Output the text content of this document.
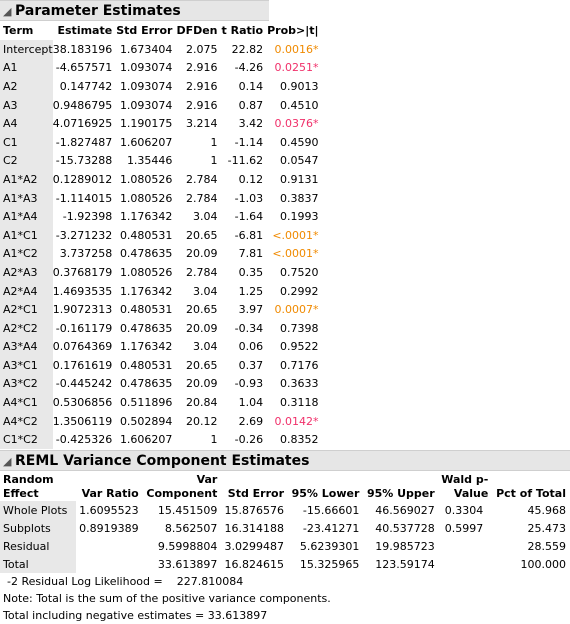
◢ Parameter Estimates
Term	Estimate	Std Error	DFDen	t Ratio	Prob>|t|
Intercept	38.183196	1.673404	2.075	22.82	0.0016*
A1	-4.657571	1.093074	2.916	-4.26	0.0251*
A2	0.147742	1.093074	2.916	0.14	0.9013
A3	0.9486795	1.093074	2.916	0.87	0.4510
A4	4.0716925	1.190175	3.214	3.42	0.0376*
C1	-1.827487	1.606207	1	-1.14	0.4590
C2	-15.73288	1.35446	1	-11.62	0.0547
A1*A2	0.1289012	1.080526	2.784	0.12	0.9131
A1*A3	-1.114015	1.080526	2.784	-1.03	0.3837
A1*A4	-1.92398	1.176342	3.04	-1.64	0.1993
A1*C1	-3.271232	0.480531	20.65	-6.81	<.0001*
A1*C2	3.737258	0.478635	20.09	7.81	<.0001*
A2*A3	0.3768179	1.080526	2.784	0.35	0.7520
A2*A4	1.4693535	1.176342	3.04	1.25	0.2992
A2*C1	1.9072313	0.480531	20.65	3.97	0.0007*
A2*C2	-0.161179	0.478635	20.09	-0.34	0.7398
A3*A4	0.0764369	1.176342	3.04	0.06	0.9522
A3*C1	0.1761619	0.480531	20.65	0.37	0.7176
A3*C2	-0.445242	0.478635	20.09	-0.93	0.3633
A4*C1	0.5306856	0.511896	20.84	1.04	0.3118
A4*C2	1.3506119	0.502894	20.12	2.69	0.0142*
C1*C2	-0.425326	1.606207	1	-0.26	0.8352
◢ REML Variance Component Estimates
Random
Effect	Var Ratio	Var
Component	Std Error	95% Lower	95% Upper	Wald p-
Value	Pct of Total
Whole Plots	1.6095523	15.451509	15.876576	-15.66601	46.569027	0.3304	45.968
Subplots	0.8919389	8.562507	16.314188	-23.41271	40.537728	0.5997	25.473
Residual		9.5998804	3.0299487	5.6239301	19.985723		28.559
Total		33.613897	16.824615	15.325965	123.59174		100.000
-2 Residual Log Likelihood = 227.810084
Note: Total is the sum of the positive variance components.
Total including negative estimates = 33.613897
